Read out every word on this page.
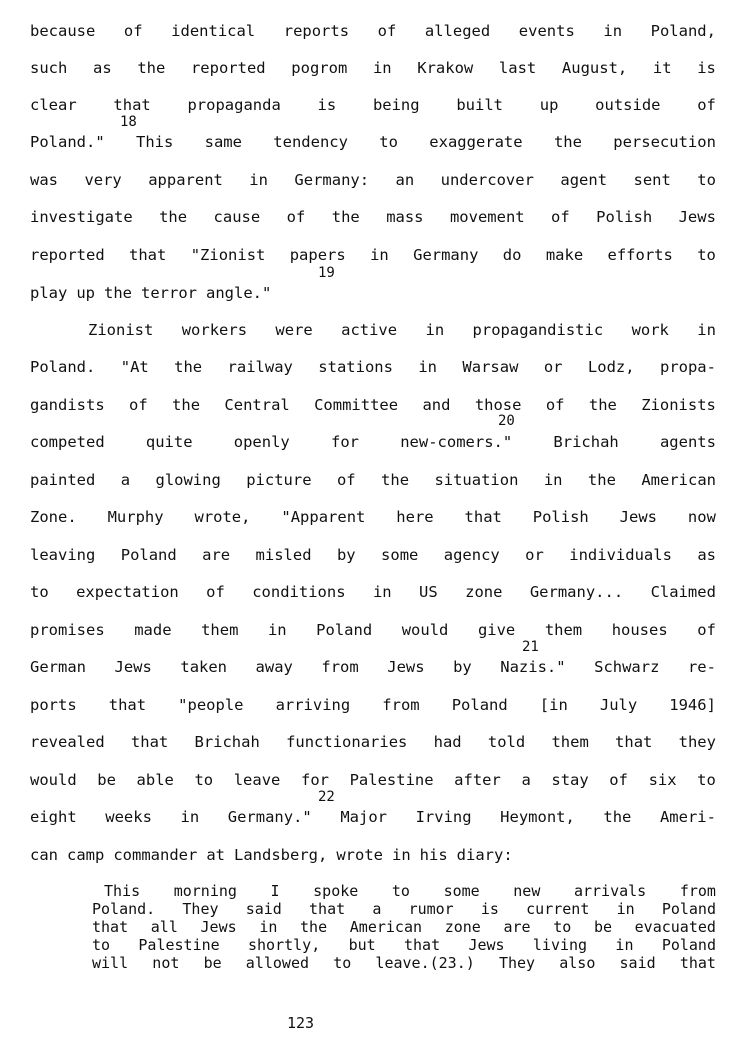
because of identical reports of alleged events in Poland,
such as the reported pogrom in Krakow last August, it is
clear that propaganda is being built up outside of
18
Poland." This same tendency to exaggerate the persecution
was very apparent in Germany: an undercover agent sent to
investigate the cause of the mass movement of Polish Jews
reported that "Zionist papers in Germany do make efforts to
19
play up the terror angle."
Zionist workers were active in propagandistic work in
Poland. "At the railway stations in Warsaw or Lodz, propa-
gandists of the Central Committee and those of the Zionists
20
competed	quite	openly	for	new-comers."	Brichah	agents
painted a glowing picture of the situation in the American
Zone. Murphy wrote, "Apparent here that Polish Jews now
leaving Poland are misled by some agency or individuals as
to expectation of conditions in US zone Germany... Claimed
promises made them in Poland would give them houses of
21
German Jews taken away from Jews by Nazis." Schwarz re-
ports that "people arriving from Poland [in July 1946]
revealed that Brichah functionaries had told them that they
would be able to leave for Palestine after a stay of six to
22
eight weeks in Germany." Major Irving Heymont, the Ameri-
can camp commander at Landsberg, wrote in his diary:
This morning I spoke to some new arrivals from
Poland. They said that a rumor is current in Poland
that all Jews in the American zone are to be evacuated
to Palestine shortly, but that Jews living in Poland
will not be allowed to leave.(23.) They also said that
123
